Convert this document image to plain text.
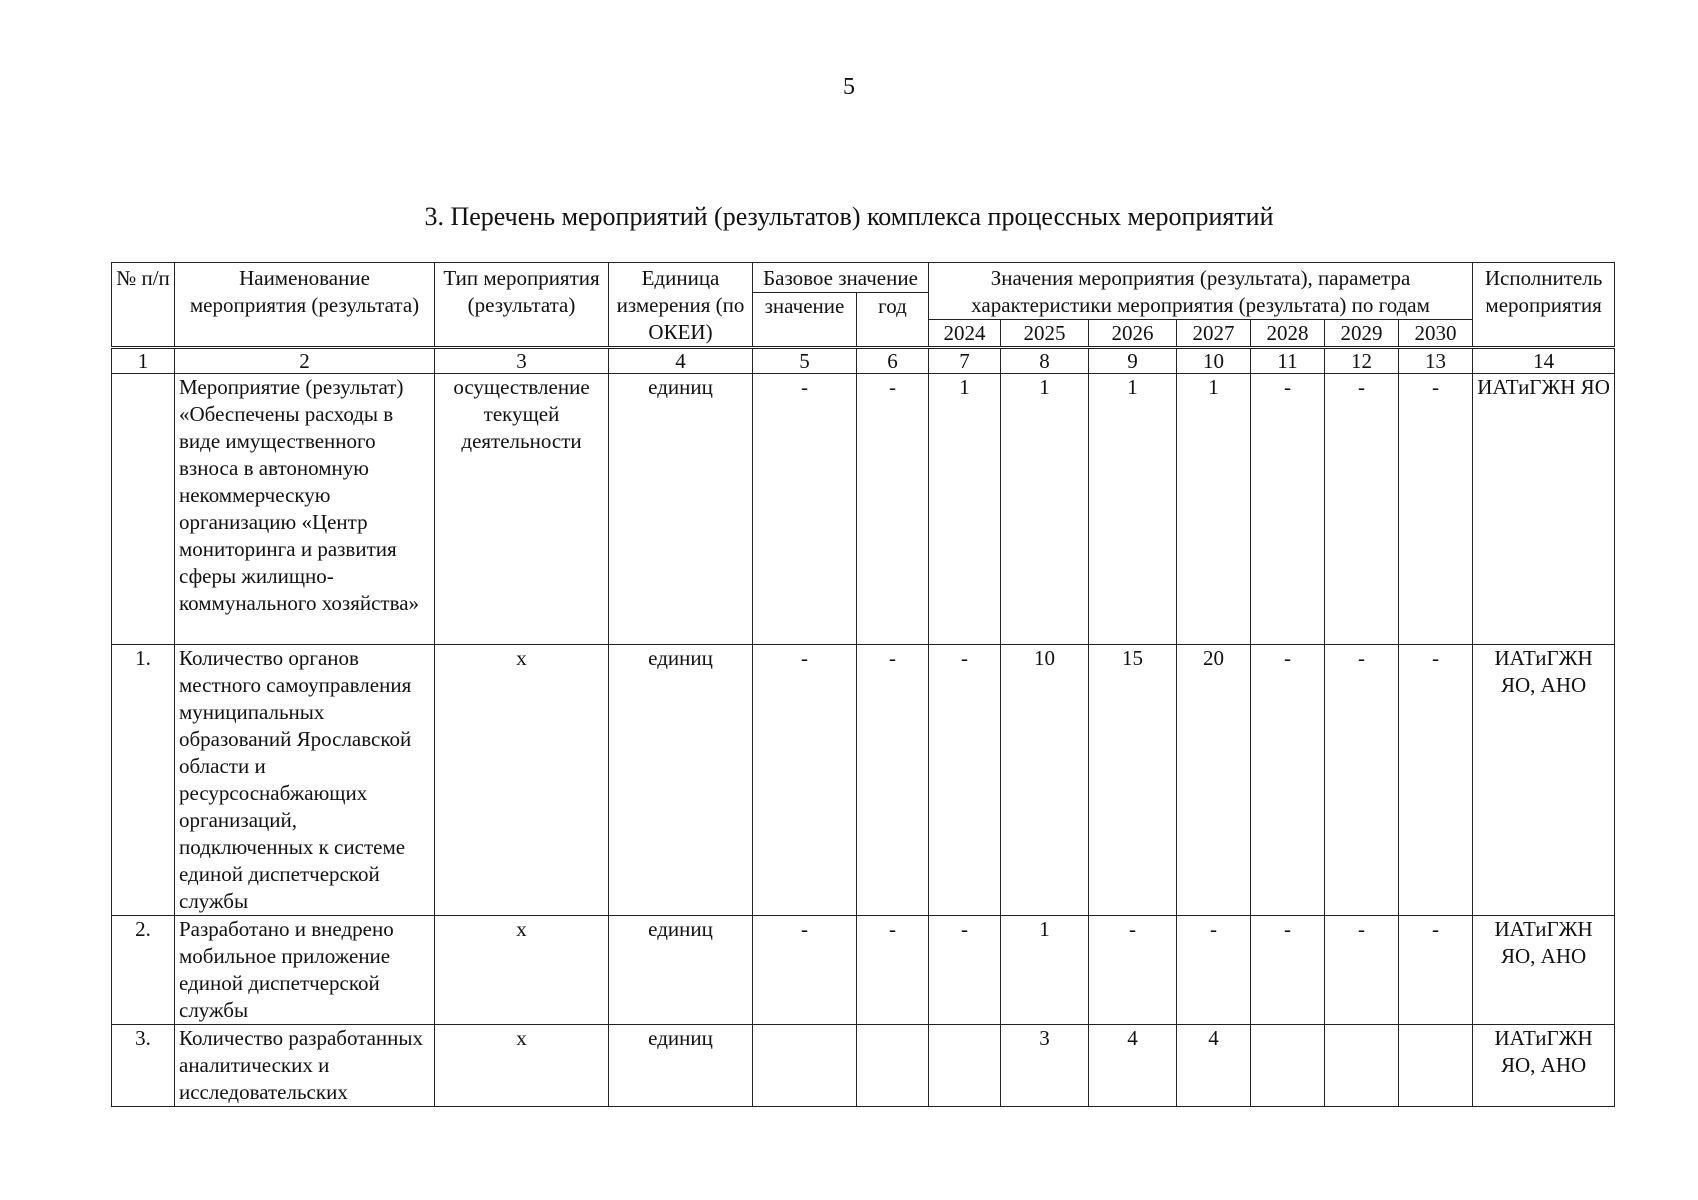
5
3. Перечень мероприятий (результатов) комплекса процессных мероприятий
№ п/п	Наименование мероприятия (результата)	Тип мероприятия (результата)	Единица измерения (по ОКЕИ)	Базовое значение		Значения мероприятия (результата), параметра характеристики мероприятия (результата) по годам							Исполнитель мероприятия
				значение	год								
						2024	2025	2026	2027	2028	2029	2030	
1	2	3	4	5	6	7	8	9	10	11	12	13	14
	Мероприятие (результат) «Обеспечены расходы в виде имущественного взноса в автономную некоммерческую организацию «Центр мониторинга и развития сферы жилищно-коммунального хозяйства»	осуществление текущей деятельности	единиц	-	-	1	1	1	1	-	-	-	ИАТиГЖН ЯО
1.	Количество органов местного самоуправления муниципальных образований Ярославской области и ресурсоснабжающих организаций, подключенных к системе единой диспетчерской службы	х	единиц	-	-	-	10	15	20	-	-	-	ИАТиГЖН ЯО, АНО
2.	Разработано и внедрено мобильное приложение единой диспетчерской службы	х	единиц	-	-	-	1	-	-	-	-	-	ИАТиГЖН ЯО, АНО
3.	Количество разработанных аналитических и исследовательских	х	единиц				3	4	4				ИАТиГЖН ЯО, АНО
